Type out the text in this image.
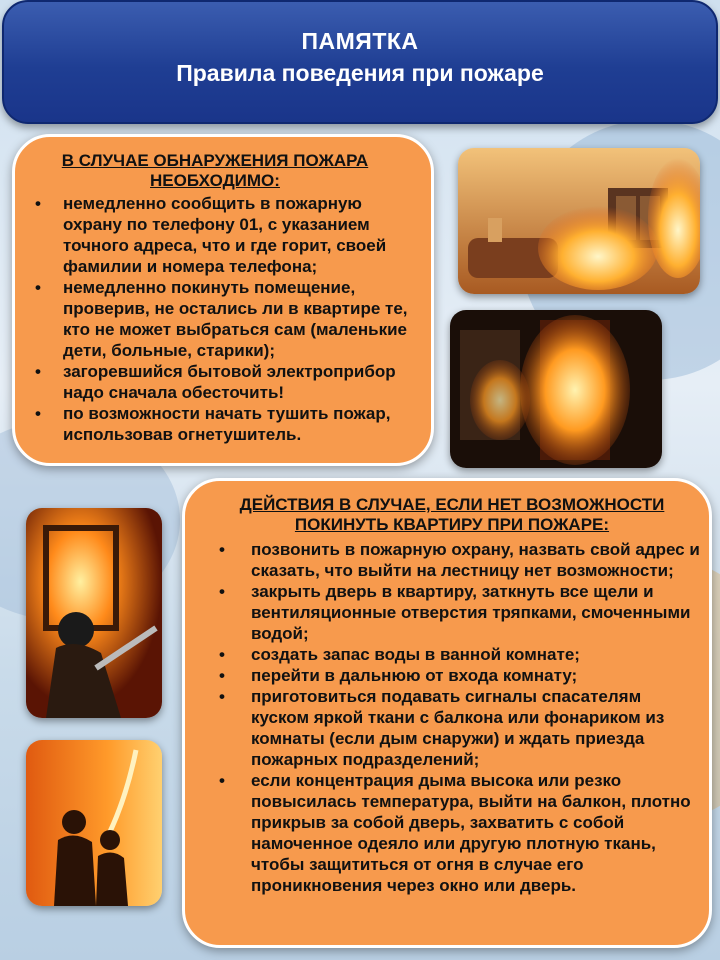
ПАМЯТКА
Правила поведения при пожаре
В СЛУЧАЕ ОБНАРУЖЕНИЯ ПОЖАРА НЕОБХОДИМО:
• немедленно сообщить в пожарную охрану по телефону 01, с указанием точного адреса, что и где горит, своей фамилии и номера телефона;
• немедленно покинуть помещение, проверив, не остались ли в квартире те, кто не может выбраться сам (маленькие дети, больные, старики);
• загоревшийся бытовой электроприбор надо сначала обесточить!
• по возможности начать тушить пожар, использовав огнетушитель.
ДЕЙСТВИЯ В СЛУЧАЕ, ЕСЛИ НЕТ ВОЗМОЖНОСТИ ПОКИНУТЬ КВАРТИРУ ПРИ ПОЖАРЕ:
• позвонить в пожарную охрану, назвать свой адрес и сказать, что выйти на лестницу нет возможности;
• закрыть дверь в квартиру, заткнуть все щели и вентиляционные отверстия тряпками, смоченными водой;
• создать запас воды в ванной комнате;
• перейти в дальнюю от входа комнату;
• приготовиться подавать сигналы спасателям куском яркой ткани с балкона или фонариком из комнаты (если дым снаружи) и ждать приезда пожарных подразделений;
• если концентрация дыма высока или резко повысилась температура, выйти на балкон, плотно прикрыв за собой дверь, захватить с собой намоченное одеяло или другую плотную ткань, чтобы защититься от огня в случае его проникновения через окно или дверь.
